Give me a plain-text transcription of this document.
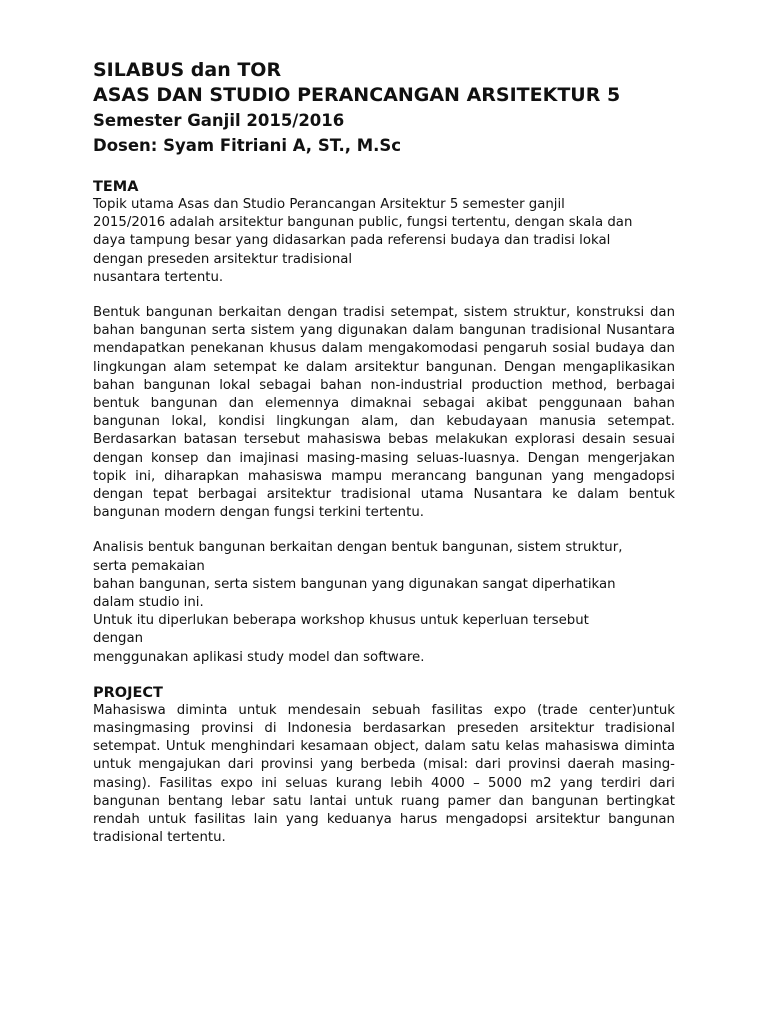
SILABUS dan TOR
ASAS DAN STUDIO PERANCANGAN ARSITEKTUR 5
Semester Ganjil 2015/2016
Dosen: Syam Fitriani A, ST., M.Sc
TEMA

Topik utama Asas dan Studio Perancangan Arsitektur 5 semester ganjil
2015/2016 adalah arsitektur bangunan public, fungsi tertentu, dengan skala dan
daya tampung besar yang didasarkan pada referensi budaya dan tradisi lokal
dengan preseden arsitektur tradisional
nusantara tertentu.

Bentuk bangunan berkaitan dengan tradisi setempat, sistem struktur, konstruksi dan bahan bangunan serta sistem yang digunakan dalam bangunan tradisional Nusantara mendapatkan penekanan khusus dalam mengakomodasi pengaruh sosial budaya dan lingkungan alam setempat ke dalam arsitektur bangunan. Dengan mengaplikasikan bahan bangunan lokal sebagai bahan non-industrial production method, berbagai bentuk bangunan dan elemennya dimaknai sebagai akibat penggunaan bahan bangunan lokal, kondisi lingkungan alam, dan kebudayaan manusia setempat. Berdasarkan batasan tersebut mahasiswa bebas melakukan explorasi desain sesuai dengan konsep dan imajinasi masing-masing seluas-luasnya. Dengan mengerjakan topik ini, diharapkan mahasiswa mampu merancang bangunan yang mengadopsi dengan tepat berbagai arsitektur tradisional utama Nusantara ke dalam bentuk bangunan modern dengan fungsi terkini tertentu.

Analisis bentuk bangunan berkaitan dengan bentuk bangunan, sistem struktur,
serta pemakaian
bahan bangunan, serta sistem bangunan yang digunakan sangat diperhatikan
dalam studio ini.
Untuk itu diperlukan beberapa workshop khusus untuk keperluan tersebut
dengan
menggunakan aplikasi study model dan software.

PROJECT

Mahasiswa diminta untuk mendesain sebuah fasilitas expo (trade center)untuk masingmasing provinsi di Indonesia berdasarkan preseden arsitektur tradisional setempat. Untuk menghindari kesamaan object, dalam satu kelas mahasiswa diminta untuk mengajukan dari provinsi yang berbeda (misal: dari provinsi daerah masing-masing). Fasilitas expo ini seluas kurang lebih 4000 – 5000 m2 yang terdiri dari bangunan bentang lebar satu lantai untuk ruang pamer dan bangunan bertingkat rendah untuk fasilitas lain yang keduanya harus mengadopsi arsitektur bangunan tradisional tertentu.
